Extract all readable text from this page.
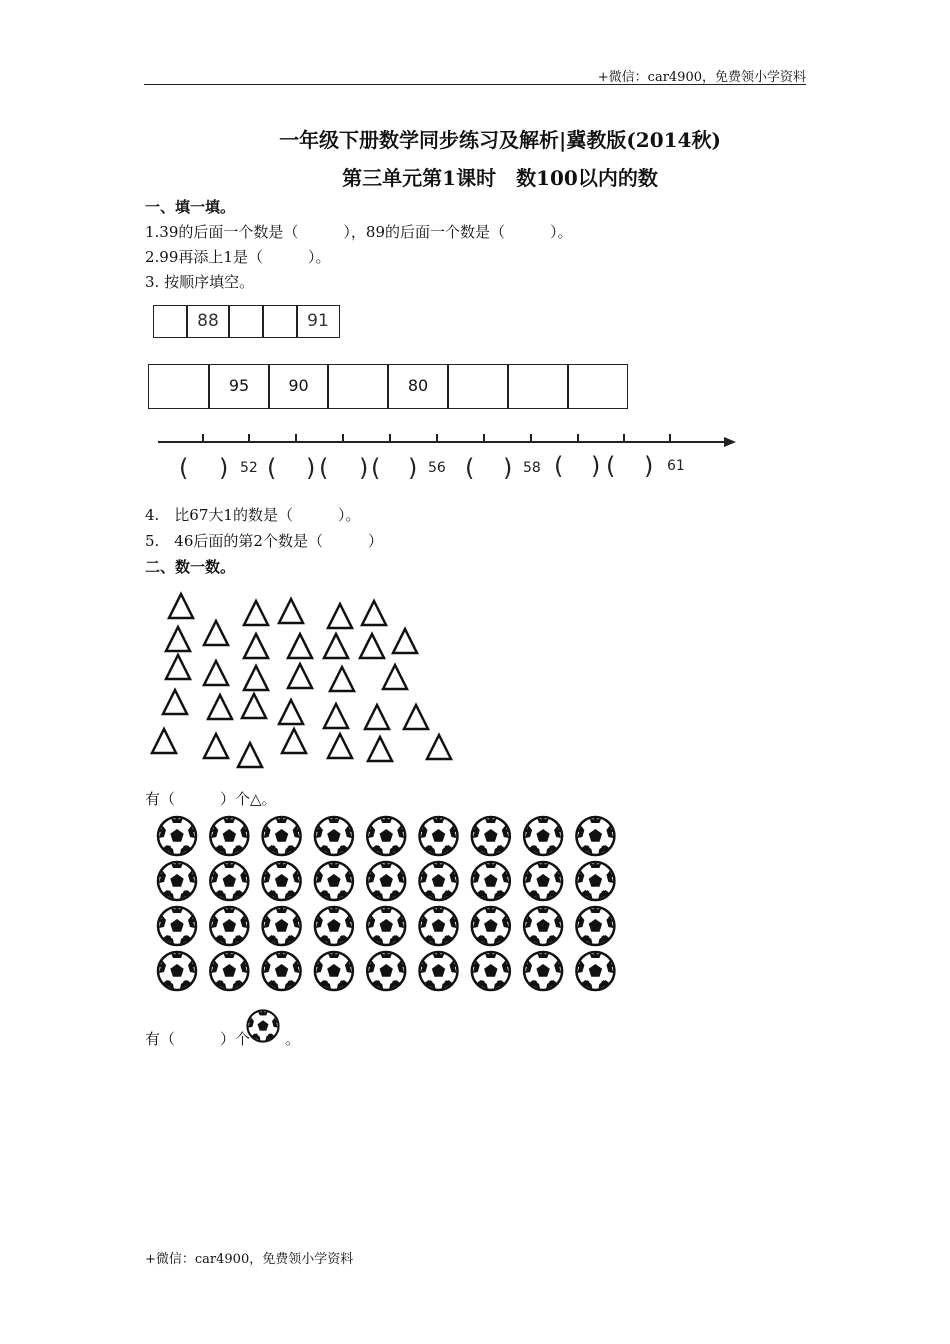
+微信：car4900，免费领小学资料
一年级下册数学同步练习及解析|冀教版(2014秋)
第三单元第1课时　数100以内的数
一、填一填。
1.39的后面一个数是（　　　），89的后面一个数是（　　　）。
2.99再添上1是（　　　）。
3. 按顺序填空。
88	91
95	90	80
( ) ( ) ( ) ( ) ( ) ( ) ( )
52	56	58	61
4.　比67大1的数是（　　　）。
5.　46后面的第2个数是（　　　）
二、数一数。
有（　　　）个△。
有（　　　）个 。
+微信：car4900，免费领小学资料
